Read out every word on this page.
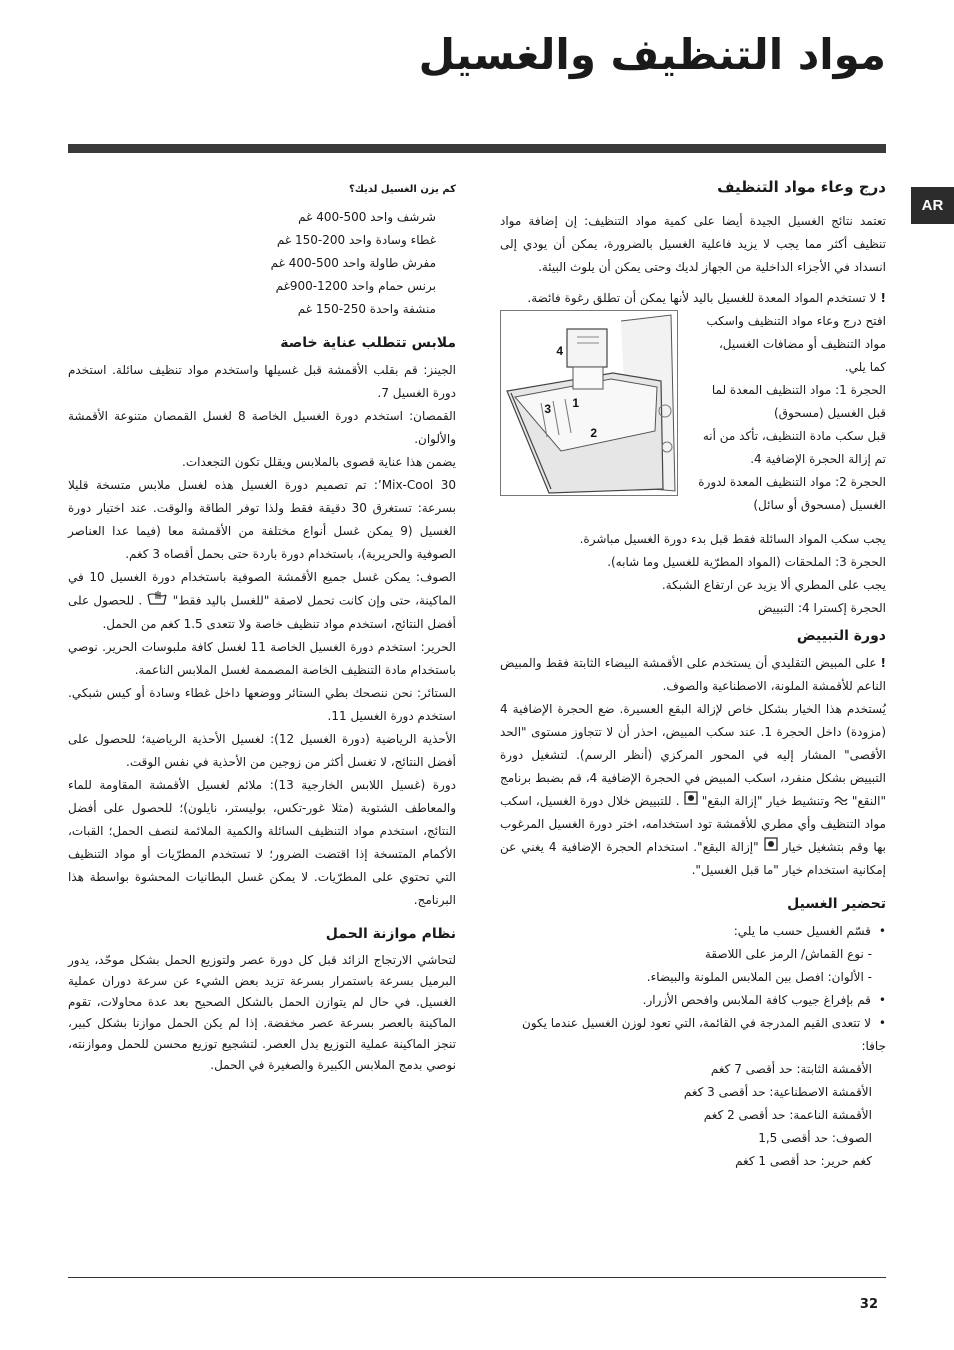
مواد التنظيف والغسيل
AR
درج وعاء مواد التنظيف

تعتمد نتائج الغسيل الجيدة أيضا على كمية مواد التنظيف: إن إضافة مواد تنظيف أكثر مما يجب لا يزيد فاعلية الغسيل بالضرورة، يمكن أن يودي إلى انسداد في الأجزاء الداخلية من الجهاز لديك وحتى يمكن أن يلوث البيئة.

!لا تستخدم المواد المعدة للغسيل باليد لأنها يمكن أن تطلق رغوة فائضة.

افتح درج وعاء مواد التنظيف واسكب
مواد التنظيف أو مضافات الغسيل،
كما يلي.
الحجرة 1: مواد التنظيف المعدة لما
قبل الغسيل (مسحوق)
قبل سكب مادة التنظيف، تأكد من أنه
تم إزالة الحجرة الإضافية 4.
الحجرة 2: مواد التنظيف المعدة لدورة
الغسيل (مسحوق أو سائل)
4
3 1
2

يجب سكب المواد السائلة فقط قبل بدء دورة الغسيل مباشرة.

الحجرة 3: الملحقات (المواد المطرّية للغسيل وما شابه).

يجب على المطري ألا يزيد عن ارتفاع الشبكة.

الحجرة إكسترا 4: التبييض

دورة التبييض

!على المبيض التقليدي أن يستخدم على الأقمشة البيضاء الثابتة فقط والمبيض الناعم للأقمشة الملونة، الاصطناعية والصوف.

يُستخدم هذا الخيار بشكل خاص لإزالة البقع العسيرة. ضع الحجرة الإضافية 4 (مزودة) داخل الحجرة 1. عند سكب المبيض، احذر أن لا تتجاوز مستوى "الحد الأقصى" المشار إليه في المحور المركزي (أنظر الرسم). لتشغيل دورة التبييض بشكل منفرد، اسكب المبيض في الحجرة الإضافية 4، قم بضبط برنامج "النقع"  وتنشيط خيار "إزالة البقع"  . للتبييض خلال دورة الغسيل، اسكب مواد التنظيف وأي مطري للأقمشة تود استخدامه، اختر دورة الغسيل المرغوب بها وقم بتشغيل خيار  "إزالة البقع". استخدام الحجرة الإضافية 4 يغني عن إمكانية استخدام خيار "ما قبل الغسيل".

تحضير الغسيل
• قسّم الغسيل حسب ما يلي:

- نوع القماش/ الرمز على اللاصقة

- الألوان: افصل بين الملابس الملونة والبيضاء.

• قم بإفراغ جيوب كافة الملابس وافحص الأزرار.
• لا تتعدى القيم المدرجة في القائمة، التي تعود لوزن الغسيل عندما يكون جافا:

الأقمشة الثابتة: حد أقصى 7 كغم

الأقمشة الاصطناعية: حد أقصى 3 كغم

الأقمشة الناعمة: حد أقصى 2 كغم

الصوف: حد أقصى 1,5

كغم حرير: حد أقصى 1 كغم

كم يزن الغسيل لديك؟

شرشف واحد 500-400 غم

غطاء وسادة واحد 200-150 غم

مفرش طاولة واحد 500-400 غم

برنس حمام واحد 1200-900غم

منشفة واحدة 250-150 غم

ملابس تتطلب عناية خاصة

الجينز: قم بقلب الأقمشة قبل غسيلها واستخدم مواد تنظيف سائلة. استخدم دورة الغسيل 7.

القمصان: استخدم دورة الغسيل الخاصة 8 لغسل القمصان متنوعة الأقمشة والألوان.

يضمن هذا عناية قصوى بالملابس ويقلل تكون التجعدات.

Mix-Cool 30’: تم تصميم دورة الغسيل هذه لغسل ملابس متسخة قليلا بسرعة: تستغرق 30 دقيقة فقط ولذا توفر الطاقة والوقت. عند اختيار دورة الغسيل (9 يمكن غسل أنواع مختلفة من الأقمشة معا (فيما عدا العناصر الصوفية والحريرية)، باستخدام دورة باردة حتى بحمل أقصاه 3 كغم.

الصوف: يمكن غسل جميع الأقمشة الصوفية باستخدام دورة الغسيل 10 في الماكينة، حتى وإن كانت تحمل لاصقة "للغسل باليد فقط"  . للحصول على أفضل النتائج، استخدم مواد تنظيف خاصة ولا تتعدى 1.5 كغم من الحمل.

الحرير: استخدم دورة الغسيل الخاصة 11 لغسل كافة ملبوسات الحرير. نوصي باستخدام مادة التنظيف الخاصة المصممة لغسل الملابس الناعمة.

الستائر: نحن ننصحك بطي الستائر ووضعها داخل غطاء وسادة أو كيس شبكي. استخدم دورة الغسيل 11.

الأحذية الرياضية (دورة الغسيل 12): لغسيل الأحذية الرياضية؛ للحصول على أفضل النتائج، لا تغسل أكثر من زوجين من الأحذية في نفس الوقت.

دورة (غسيل اللابس الخارجية 13): ملائم لغسيل الأقمشة المقاومة للماء والمعاطف الشتوية (مثلا غور-تكس، بوليستر، نايلون)؛ للحصول على أفضل النتائج، استخدم مواد التنظيف السائلة والكمية الملائمة لنصف الحمل؛ القبات، الأكمام المتسخة إذا اقتضت الضرور؛ لا تستخدم المطرّيات أو مواد التنظيف التي تحتوي على المطرّيات. لا يمكن غسل البطانيات المحشوة بواسطة هذا البرنامج.

نظام موازنة الحمل

لتحاشي الارتجاج الزائد قبل كل دورة عصر ولتوزيع الحمل بشكل موحّد، يدور البرميل بسرعة باستمرار بسرعة تزيد بعض الشيء عن سرعة دوران عملية الغسيل. في حال لم يتوازن الحمل بالشكل الصحيح بعد عدة محاولات، تقوم الماكينة بالعصر بسرعة عصر مخفضة. إذا لم يكن الحمل موازنا بشكل كبير، تنجز الماكينة عملية التوزيع بدل العصر. لتشجيع توزيع محسن للحمل وموازنته، نوصي بدمج الملابس الكبيرة والصغيرة في الحمل.

32
